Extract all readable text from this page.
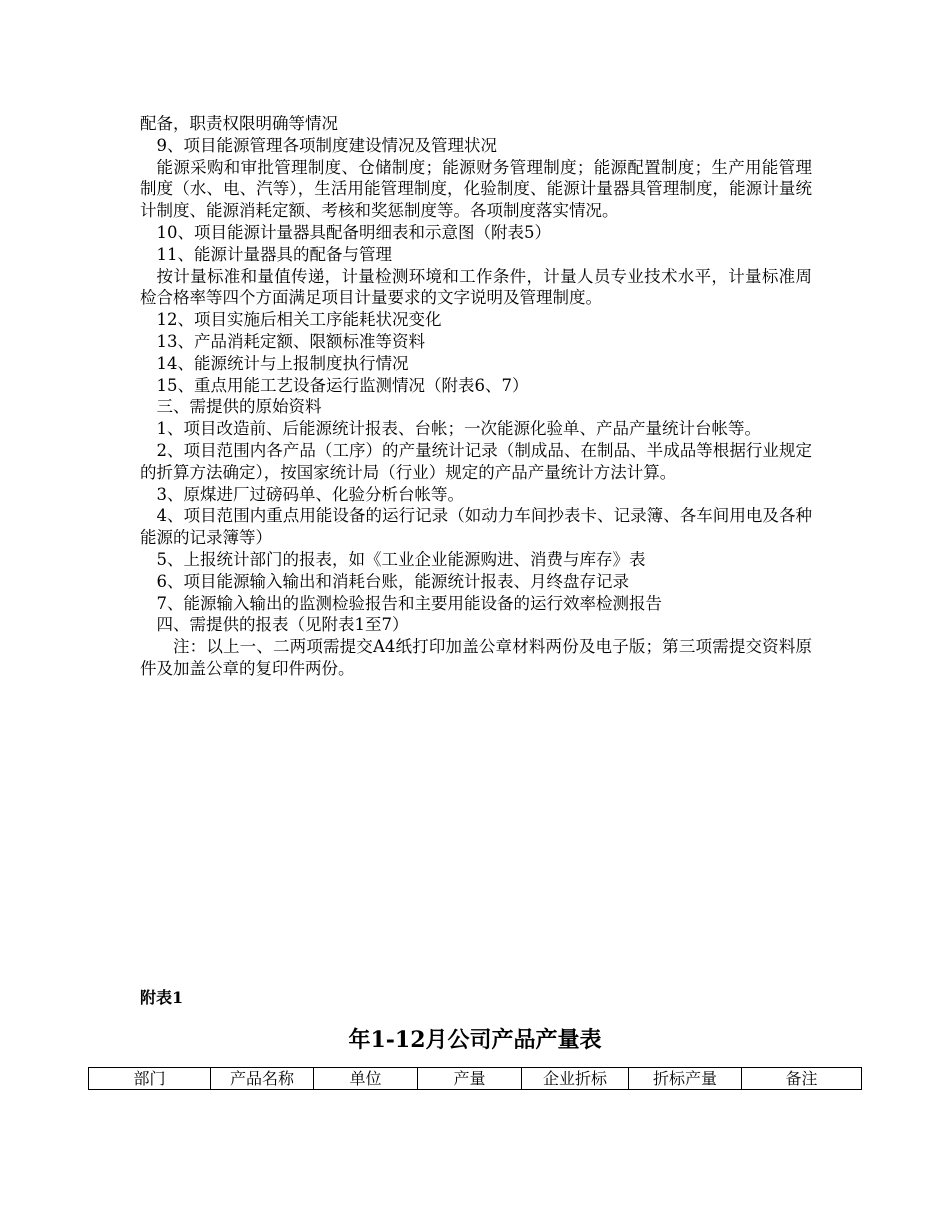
配备，职责权限明确等情况

9、项目能源管理各项制度建设情况及管理状况

能源采购和审批管理制度、仓储制度；能源财务管理制度；能源配置制度；生产用能管理制度（水、电、汽等），生活用能管理制度，化验制度、能源计量器具管理制度，能源计量统计制度、能源消耗定额、考核和奖惩制度等。各项制度落实情况。

10、项目能源计量器具配备明细表和示意图（附表5）

11、能源计量器具的配备与管理

按计量标准和量值传递，计量检测环境和工作条件，计量人员专业技术水平，计量标准周检合格率等四个方面满足项目计量要求的文字说明及管理制度。

12、项目实施后相关工序能耗状况变化

13、产品消耗定额、限额标准等资料

14、能源统计与上报制度执行情况

15、重点用能工艺设备运行监测情况（附表6、7）

三、需提供的原始资料

1、项目改造前、后能源统计报表、台帐；一次能源化验单、产品产量统计台帐等。

2、项目范围内各产品（工序）的产量统计记录（制成品、在制品、半成品等根据行业规定的折算方法确定），按国家统计局（行业）规定的产品产量统计方法计算。

3、原煤进厂过磅码单、化验分析台帐等。

4、项目范围内重点用能设备的运行记录（如动力车间抄表卡、记录簿、各车间用电及各种能源的记录簿等）

5、上报统计部门的报表，如《工业企业能源购进、消费与库存》表

6、项目能源输入输出和消耗台账，能源统计报表、月终盘存记录

7、能源输入输出的监测检验报告和主要用能设备的运行效率检测报告

四、需提供的报表（见附表1至7）

注：以上一、二两项需提交A4纸打印加盖公章材料两份及电子版；第三项需提交资料原件及加盖公章的复印件两份。

附表1
年1-12月公司产品产量表
部门	产品名称	单位	产量	企业折标	折标产量	备注
